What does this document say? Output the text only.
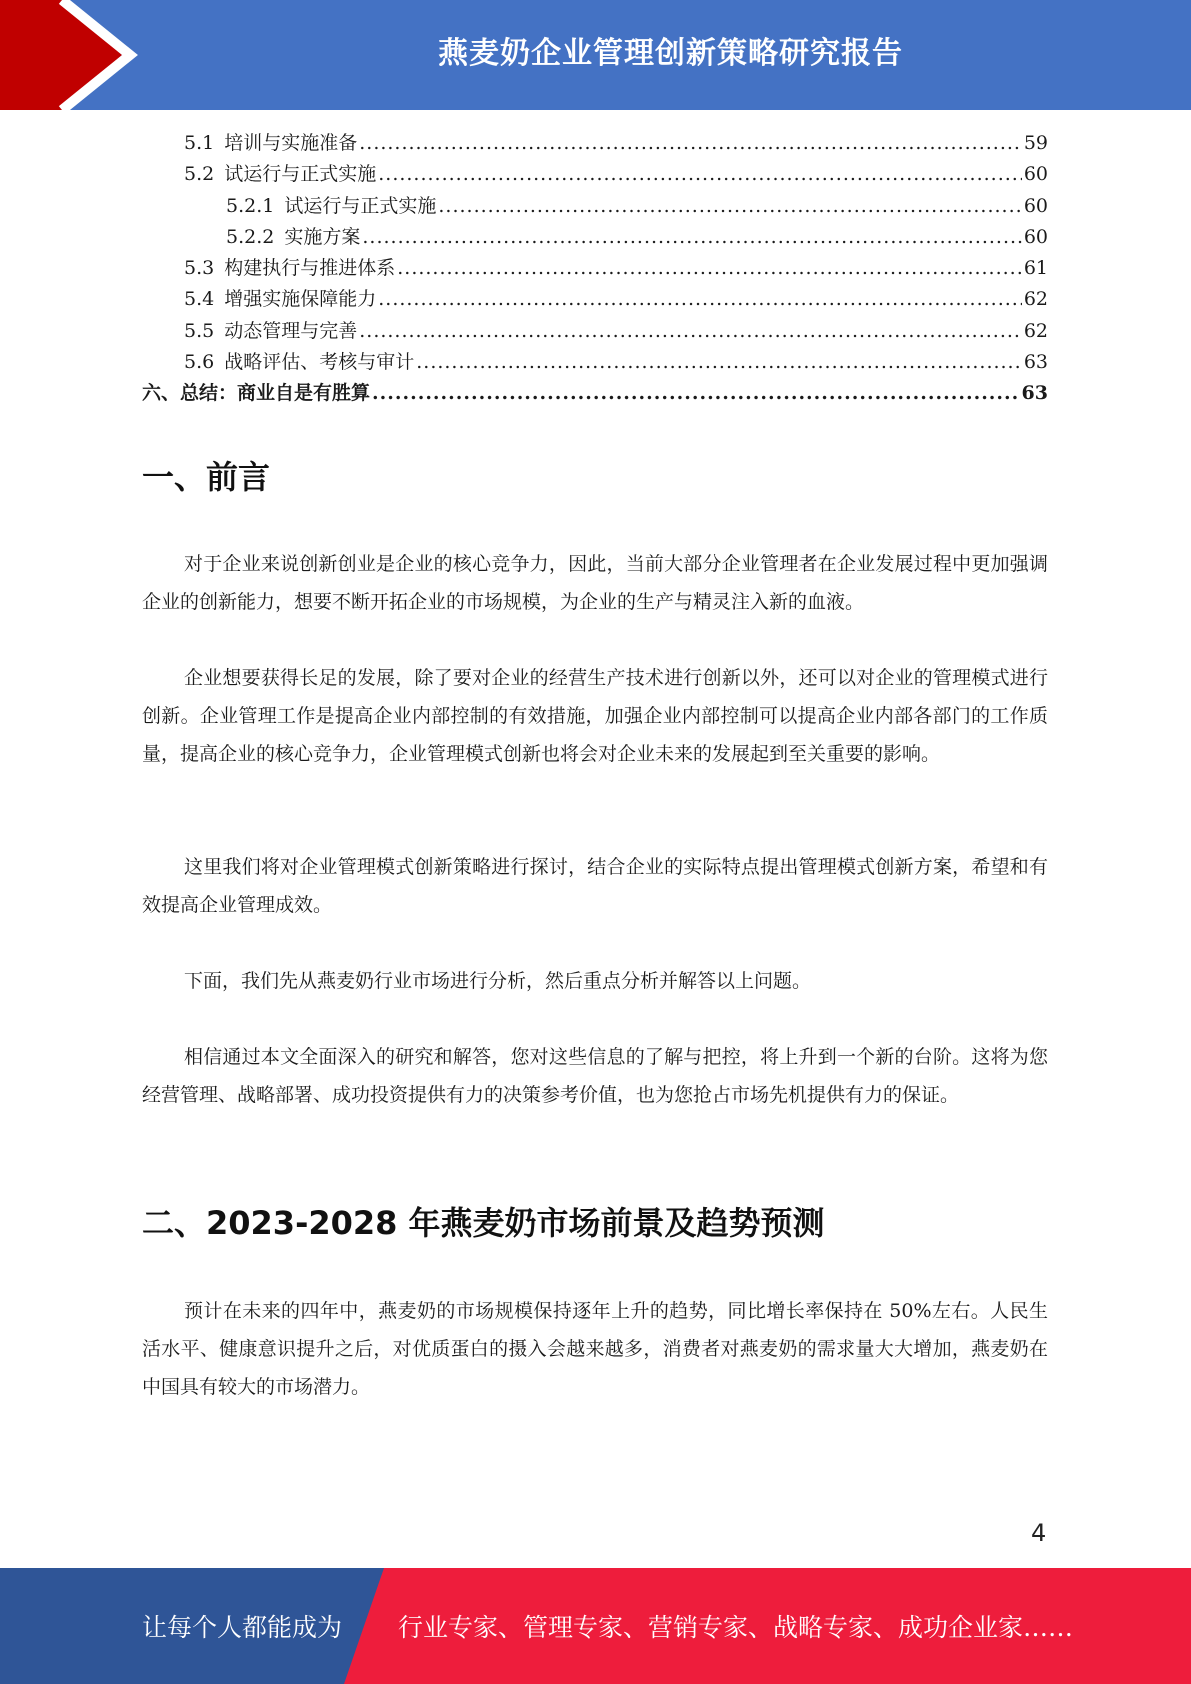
燕麦奶企业管理创新策略研究报告
5.1 培训与实施准备 .....	59
5.2 试运行与正式实施 .....	60
5.2.1 试运行与正式实施 .....	60
5.2.2 实施方案 .....	60
5.3 构建执行与推进体系 .....	61
5.4 增强实施保障能力 .....	62
5.5 动态管理与完善 .....	62
5.6 战略评估、考核与审计 .....	63
六、总结：商业自是有胜算 .....	63
一、前言

对于企业来说创新创业是企业的核心竞争力，因此，当前大部分企业管理者在企业发展过程中更加强调企业的创新能力，想要不断开拓企业的市场规模，为企业的生产与精灵注入新的血液。

企业想要获得长足的发展，除了要对企业的经营生产技术进行创新以外，还可以对企业的管理模式进行创新。企业管理工作是提高企业内部控制的有效措施，加强企业内部控制可以提高企业内部各部门的工作质量，提高企业的核心竞争力，企业管理模式创新也将会对企业未来的发展起到至关重要的影响。

这里我们将对企业管理模式创新策略进行探讨，结合企业的实际特点提出管理模式创新方案，希望和有效提高企业管理成效。

下面，我们先从燕麦奶行业市场进行分析，然后重点分析并解答以上问题。

相信通过本文全面深入的研究和解答，您对这些信息的了解与把控，将上升到一个新的台阶。这将为您经营管理、战略部署、成功投资提供有力的决策参考价值，也为您抢占市场先机提供有力的保证。

二、2023-2028 年燕麦奶市场前景及趋势预测

预计在未来的四年中，燕麦奶的市场规模保持逐年上升的趋势，同比增长率保持在 50%左右。人民生活水平、健康意识提升之后，对优质蛋白的摄入会越来越多，消费者对燕麦奶的需求量大大增加，燕麦奶在中国具有较大的市场潜力。

4
让每个人都能成为 行业专家、管理专家、营销专家、战略专家、成功企业家……
